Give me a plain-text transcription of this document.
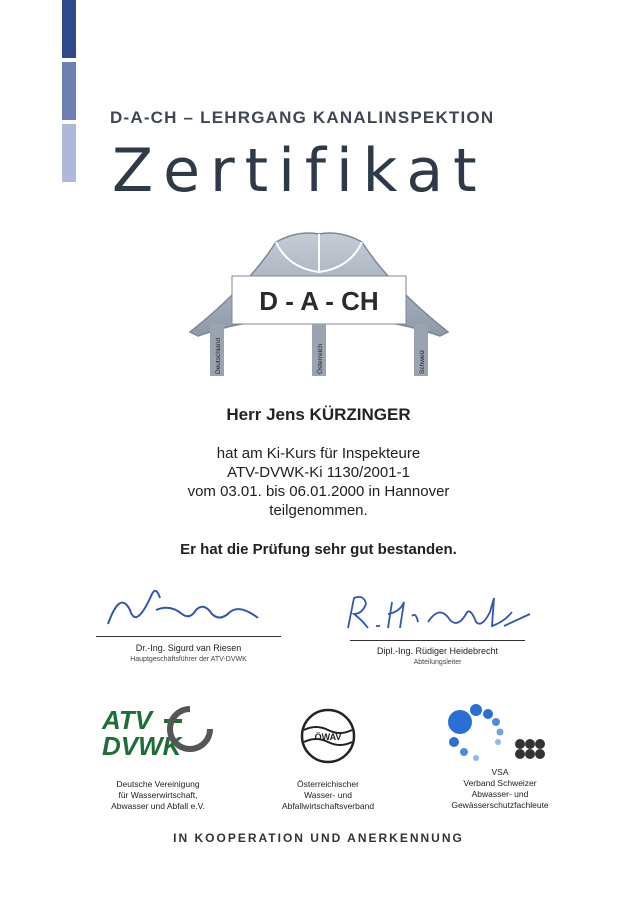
D-A-CH – LEHRGANG KANALINSPEKTION
Zertifikat
D - A - CH
Deutschland	Österreich	Schweiz
Herr Jens KÜRZINGER
hat am Ki-Kurs für Inspekteure
ATV-DVWK-Ki 1130/2001-1
vom 03.01. bis 06.01.2000 in Hannover
teilgenommen.
Er hat die Prüfung sehr gut bestanden.
Dr.-Ing. Sigurd van Riesen
Hauptgeschäftsführer der ATV-DVWK
Dipl.-Ing. Rüdiger Heidebrecht
Abteilungsleiter
ATV
DVWK
Deutsche Vereinigung
für Wasserwirtschaft,
Abwasser und Abfall e.V.
ÖWAV
Österreichischer
Wasser- und
Abfallwirtschaftsverband
VSA
Verband Schweizer
Abwasser- und
Gewässerschutzfachleute
IN KOOPERATION UND ANERKENNUNG
